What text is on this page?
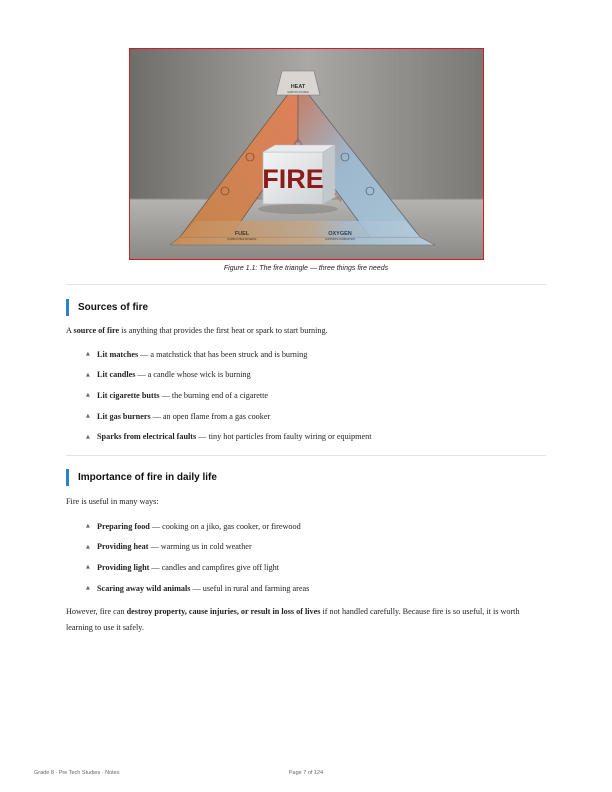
FIRE
HEAT
IGNITION SOURCE
FUEL
COMBUSTIBLE MATERIAL
OXYGEN
SUPPORTS COMBUSTION
Figure 1.1: The fire triangle — three things fire needs
Sources of fire
A source of fire is anything that provides the first heat or spark to start burning.
▲ Lit matches — a matchstick that has been struck and is burning
▲ Lit candles — a candle whose wick is burning
▲ Lit cigarette butts — the burning end of a cigarette
▲ Lit gas burners — an open flame from a gas cooker
▲ Sparks from electrical faults — tiny hot particles from faulty wiring or equipment
Importance of fire in daily life
Fire is useful in many ways:
▲ Preparing food — cooking on a jiko, gas cooker, or firewood
▲ Providing heat — warming us in cold weather
▲ Providing light — candles and campfires give off light
▲ Scaring away wild animals — useful in rural and farming areas
However, fire can destroy property, cause injuries, or result in loss of lives if not handled carefully. Because fire is so useful, it is worth learning to use it safely.
Grade 8 · Pre Tech Studies · Notes	Page 7 of 124
